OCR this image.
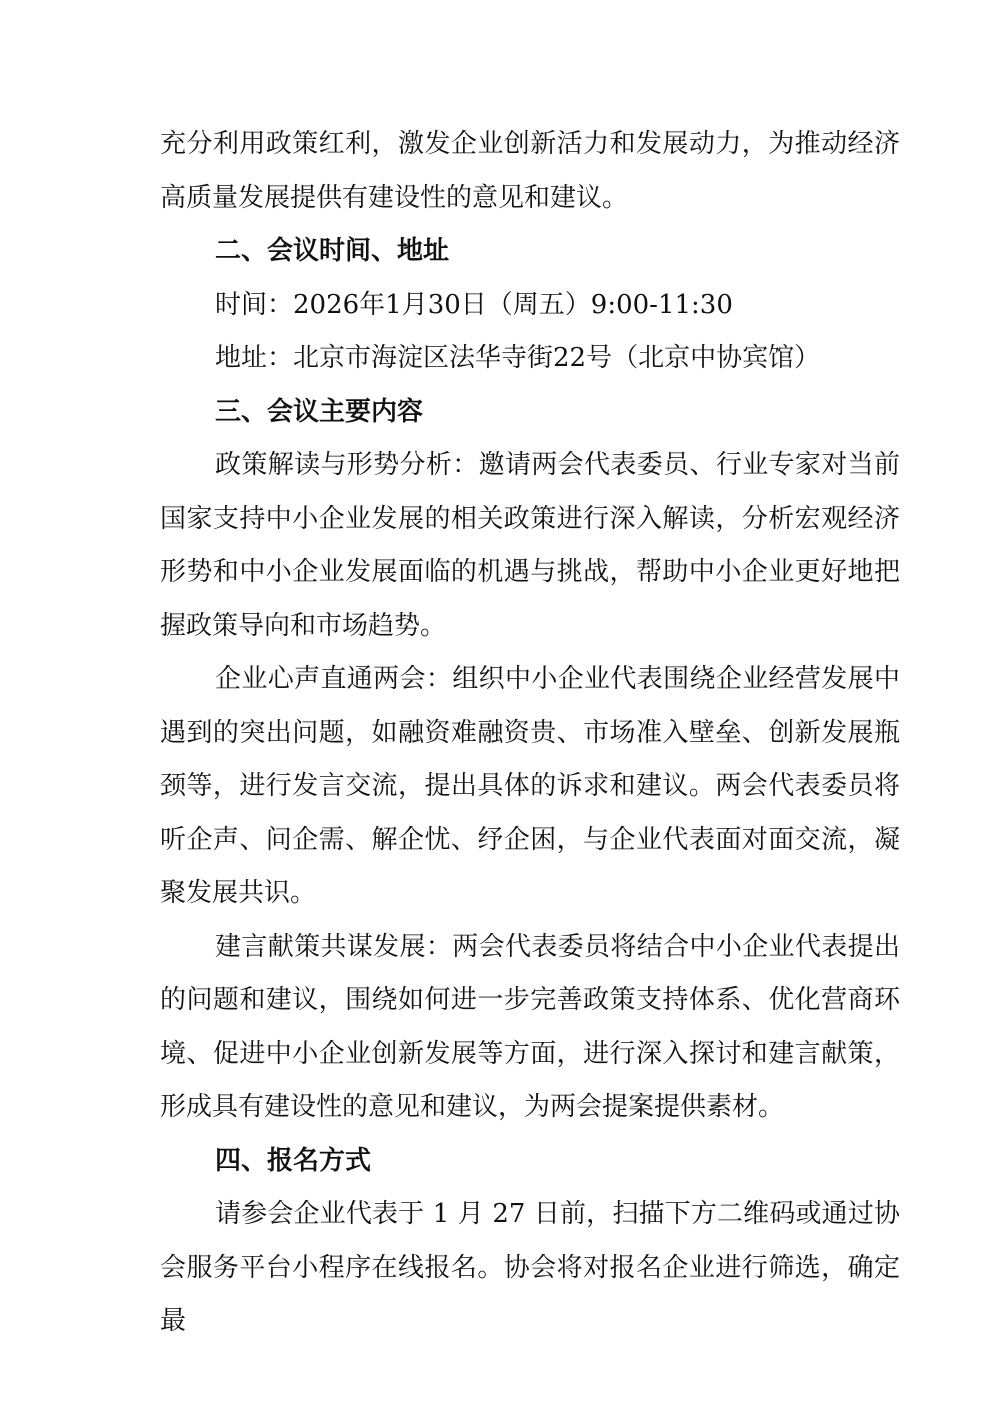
充分利用政策红利，激发企业创新活力和发展动力，为推动经济高质量发展提供有建设性的意见和建议。

二、会议时间、地址

时间：2026年1月30日（周五）9:00-11:30

地址：北京市海淀区法华寺街22号（北京中协宾馆）

三、会议主要内容

政策解读与形势分析：邀请两会代表委员、行业专家对当前国家支持中小企业发展的相关政策进行深入解读，分析宏观经济形势和中小企业发展面临的机遇与挑战，帮助中小企业更好地把握政策导向和市场趋势。

企业心声直通两会：组织中小企业代表围绕企业经营发展中遇到的突出问题，如融资难融资贵、市场准入壁垒、创新发展瓶颈等，进行发言交流，提出具体的诉求和建议。两会代表委员将听企声、问企需、解企忧、纾企困，与企业代表面对面交流，凝聚发展共识。

建言献策共谋发展：两会代表委员将结合中小企业代表提出的问题和建议，围绕如何进一步完善政策支持体系、优化营商环境、促进中小企业创新发展等方面，进行深入探讨和建言献策，形成具有建设性的意见和建议，为两会提案提供素材。

四、报名方式

请参会企业代表于 1 月 27 日前，扫描下方二维码或通过协会服务平台小程序在线报名。协会将对报名企业进行筛选，确定最
